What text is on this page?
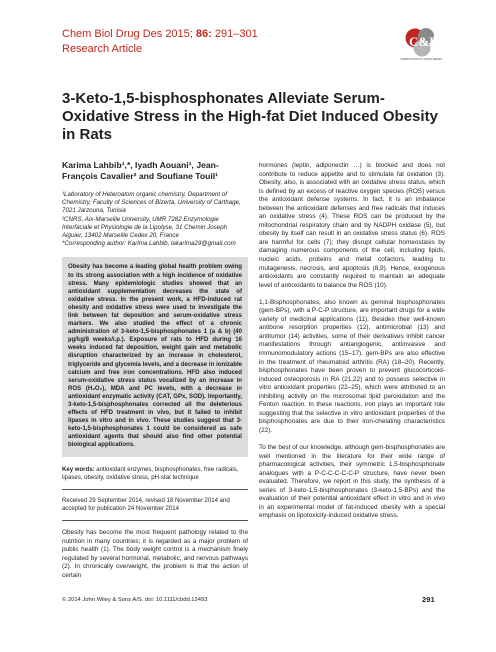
Chem Biol Drug Des 2015; 86: 291–301
Research Article	C&B
CHEMICAL BIOLOGY & DRUG DESIGN
3-Keto-1,5-bisphosphonates Alleviate Serum-Oxidative Stress in the High-fat Diet Induced Obesity in Rats
Karima Lahbib¹,*, Iyadh Aouani¹, Jean-François Cavalier² and Soufiane Touil¹

¹Laboratory of Heteroatom organic chemistry, Department of Chemistry, Faculty of Sciences of Bizerta, University of Carthage, 7021 Jarzouna, Tunisia

²CNRS, Aix-Marseille University, UMR 7282 Enzymologie Interfaciale et Physiologie de la Lipolyse, 31 Chemin Joseph Aiguier, 13402 Marseille Cedex 20, France

*Corresponding author: Karima Lahbib, lakarima29@gmail.com

Obesity has become a leading global health problem owing to its strong association with a high incidence of oxidative stress. Many epidemiologic studies showed that an antioxidant supplementation decreases the state of oxidative stress. In the present work, a HFD-induced rat obesity and oxidative stress were used to investigate the link between fat deposition and serum-oxidative stress markers. We also studied the effect of a chronic administration of 3-keto-1,5-bisphosphonates 1 (a & b) (40 µg/kg/8 weeks/i.p.). Exposure of rats to HFD during 16 weeks induced fat deposition, weight gain and metabolic disruption characterized by an increase in cholesterol, triglyceride and glycemia levels, and a decrease in ionizable calcium and free iron concentrations. HFD also induced serum-oxidative stress status vocalized by an increase in ROS (H₂O₂), MDA and PC levels, with a decrease in antioxidant enzymatic activity (CAT, GPx, SOD). Importantly, 3-keto-1,5-bisphosphonates corrected all the deleterious effects of HFD treatment in vivo, but it failed to inhibit lipases in vitro and in vivo. These studies suggest that 3-keto-1,5-bisphosphonates 1 could be considered as safe antioxidant agents that should also find other potential biological applications.

Key words: antioxidant enzymes, bisphosphonates, free radicals, lipases, obesity, oxidative stress, pH-stat technique
Received 29 September 2014, revised 18 November 2014 and accepted for publication 24 November 2014
Obesity has become the most frequent pathology related to the nutrition in many countries; it is regarded as a major problem of public health (1). The body weight control is a mechanism finely regulated by several hormonal, metabolic, and nervous pathways (2). In chronically overweight, the problem is that the action of certain

hormones (leptin, adiponectin …) is blocked and does not contribute to reduce appetite and to stimulate fat oxidation (3). Obesity, also, is associated with an oxidative stress status, which is defined by an excess of reactive oxygen species (ROS) versus the antioxidant defense systems. In fact, it is an imbalance between the antioxidant defenses and free radicals that induces an oxidative stress (4). These ROS can be produced by the mitochondrial respiratory chain and by NADPH oxidase (5), but obesity by itself can result in an oxidative stress status (6). ROS are harmful for cells (7); they disrupt cellular homeostasis by damaging numerous components of the cell, including lipids, nucleic acids, proteins and metal cofactors, leading to mutagenesis, necrosis, and apoptosis (8,9). Hence, exogenous antioxidants are constantly required to maintain an adequate level of antioxidants to balance the ROS (10).

1,1-Bisphosphonates, also known as geminal bisphosphonates (gem-BPs), with a P-C-P structure, are important drugs for a wide variety of medicinal applications (11). Besides their well-known antibone resorption properties (12), antimicrobial (13) and antitumor (14) activities, some of their derivatives inhibit cancer manifestations through antiangiogenic, antiinvasive and immunomodulatory actions (15–17). gem-BPs are also effective in the treatment of rheumatoid arthritis (RA) (18–20). Recently, bisphosphonates have been proven to prevent glucocorticoid-induced osteoporosis in RA (21,22) and to possess selective in vitro antioxidant properties (22–25), which were attributed to an inhibiting activity on the microsomal lipid peroxidation and the Fenton reaction. In these reactions, iron plays an important role suggesting that the selective in vitro antioxidant properties of the bisphosphonates are due to their iron-chelating characteristics (22).

To the best of our knowledge, although gem-bisphosphonates are well mentioned in the literature for their wide range of pharmacological activities, their symmetric 1,5-bisphosphonate analogues with a P-C-C-C-C-C-P structure, have never been evaluated. Therefore, we report in this study, the synthesis of a series of 3-keto-1,5-bisphosphonates (3-keto-1,5-BPs) and the evaluation of their potential antioxidant effect in vitro and in vivo in an experimental model of fat-induced obesity with a special emphasis on lipotoxicity-induced oxidative stress.

© 2014 John Wiley & Sons A/S. doi: 10.1111/cbdd.12493	291
